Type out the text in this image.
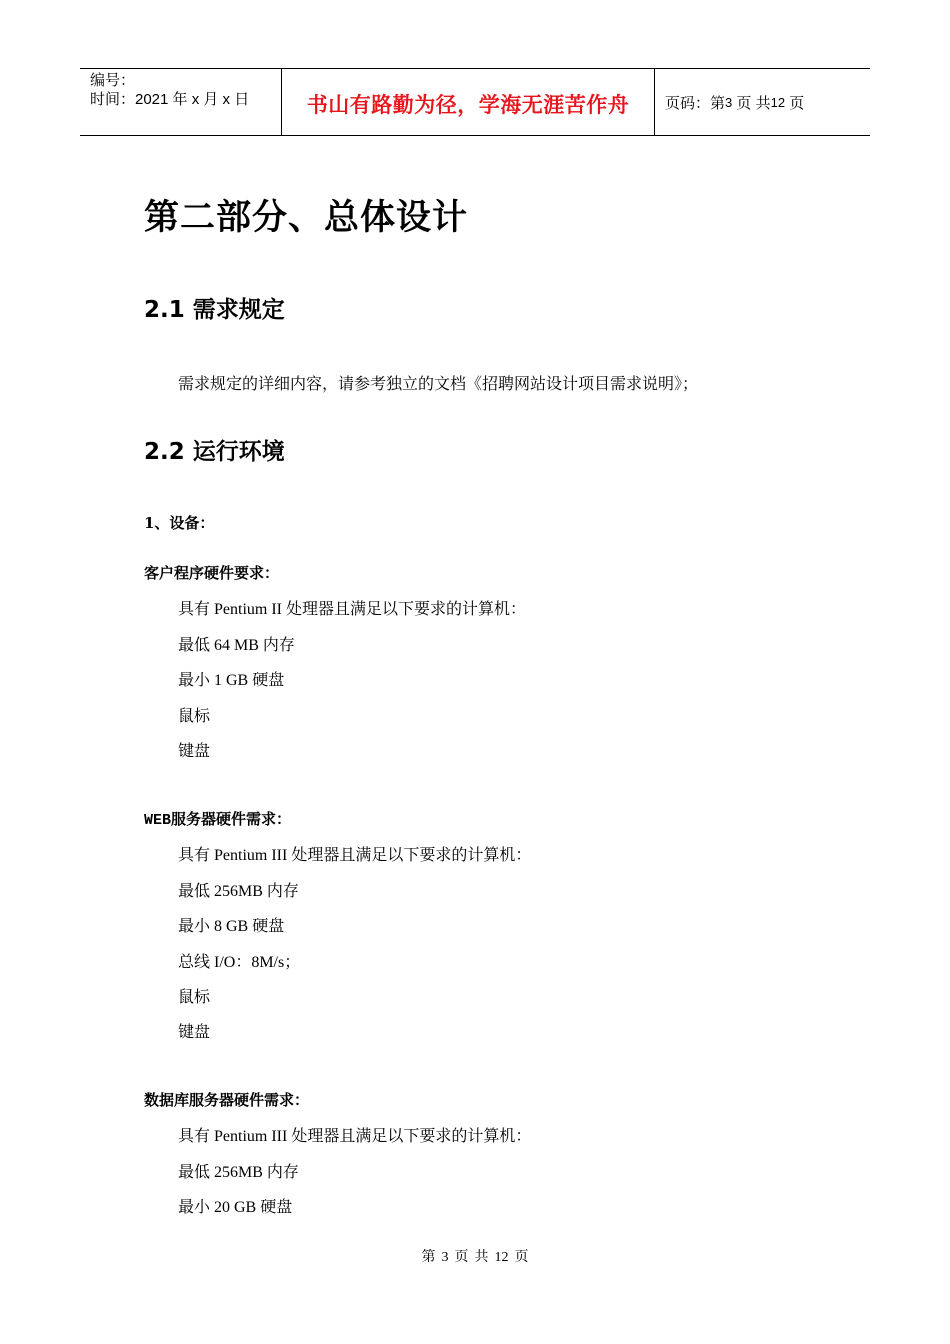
编号：
时间：2021 年 x 月 x 日	书山有路勤为径，学海无涯苦作舟	页码：第 3
页 共 12
页
第二部分、总体设计
2.1 需求规定
需求规定的详细内容，请参考独立的文档《招聘网站设计项目需求说明》；
2.2 运行环境
1、设备：
客户程序硬件要求：
具有 Pentium II 处理器且满足以下要求的计算机：
最低 64 MB 内存
最小 1 GB 硬盘
鼠标
键盘
WEB服务器硬件需求：
具有 Pentium III 处理器且满足以下要求的计算机：
最低 256MB 内存
最小 8 GB 硬盘
总线 I/O：8M/s；
鼠标
键盘
数据库服务器硬件需求：
具有 Pentium III 处理器且满足以下要求的计算机：
最低 256MB 内存
最小 20 GB 硬盘
第 3 页 共 12 页
